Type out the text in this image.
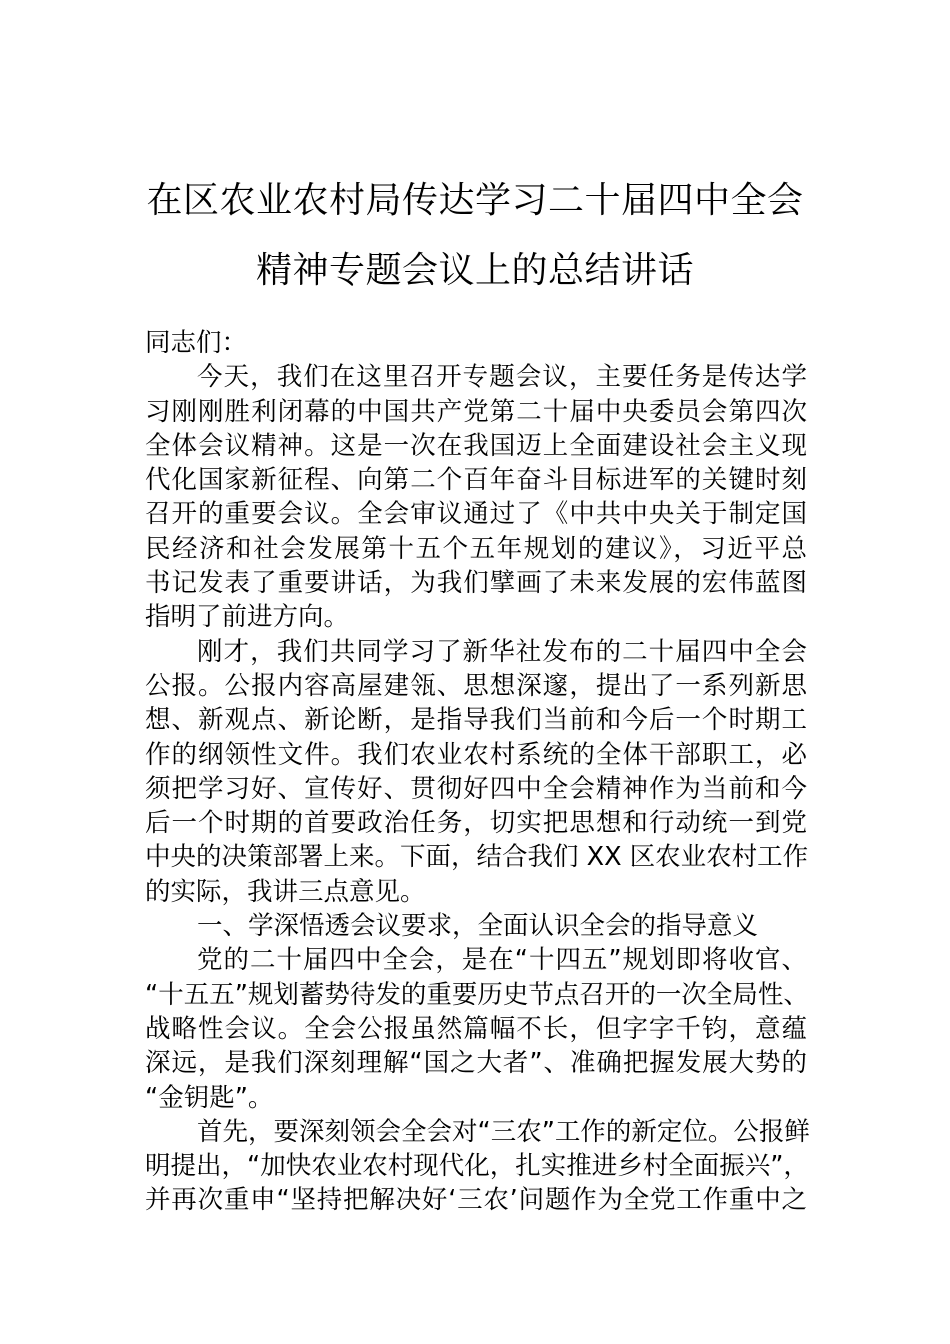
在区农业农村局传达学习二十届四中全会
精神专题会议上的总结讲话
同志们：
今天，我们在这里召开专题会议，主要任务是传达学
习刚刚胜利闭幕的中国共产党第二十届中央委员会第四次
全体会议精神。这是一次在我国迈上全面建设社会主义现
代化国家新征程、向第二个百年奋斗目标进军的关键时刻
召开的重要会议。全会审议通过了《中共中央关于制定国
民经济和社会发展第十五个五年规划的建议》，习近平总
书记发表了重要讲话，为我们擘画了未来发展的宏伟蓝图
指明了前进方向。
刚才，我们共同学习了新华社发布的二十届四中全会
公报。公报内容高屋建瓴、思想深邃，提出了一系列新思
想、新观点、新论断，是指导我们当前和今后一个时期工
作的纲领性文件。我们农业农村系统的全体干部职工，必
须把学习好、宣传好、贯彻好四中全会精神作为当前和今
后一个时期的首要政治任务，切实把思想和行动统一到党
中央的决策部署上来。下面，结合我们 XX 区农业农村工作
的实际，我讲三点意见。
一、学深悟透会议要求，全面认识全会的指导意义
党的二十届四中全会，是在“十四五”规划即将收官、
“十五五”规划蓄势待发的重要历史节点召开的一次全局性、
战略性会议。全会公报虽然篇幅不长，但字字千钧，意蕴
深远，是我们深刻理解“国之大者”、准确把握发展大势的
“金钥匙”。
首先，要深刻领会全会对“三农”工作的新定位。公报鲜
明提出，“加快农业农村现代化，扎实推进乡村全面振兴”，
并再次重申“坚持把解决好‘三农’问题作为全党工作重中之
